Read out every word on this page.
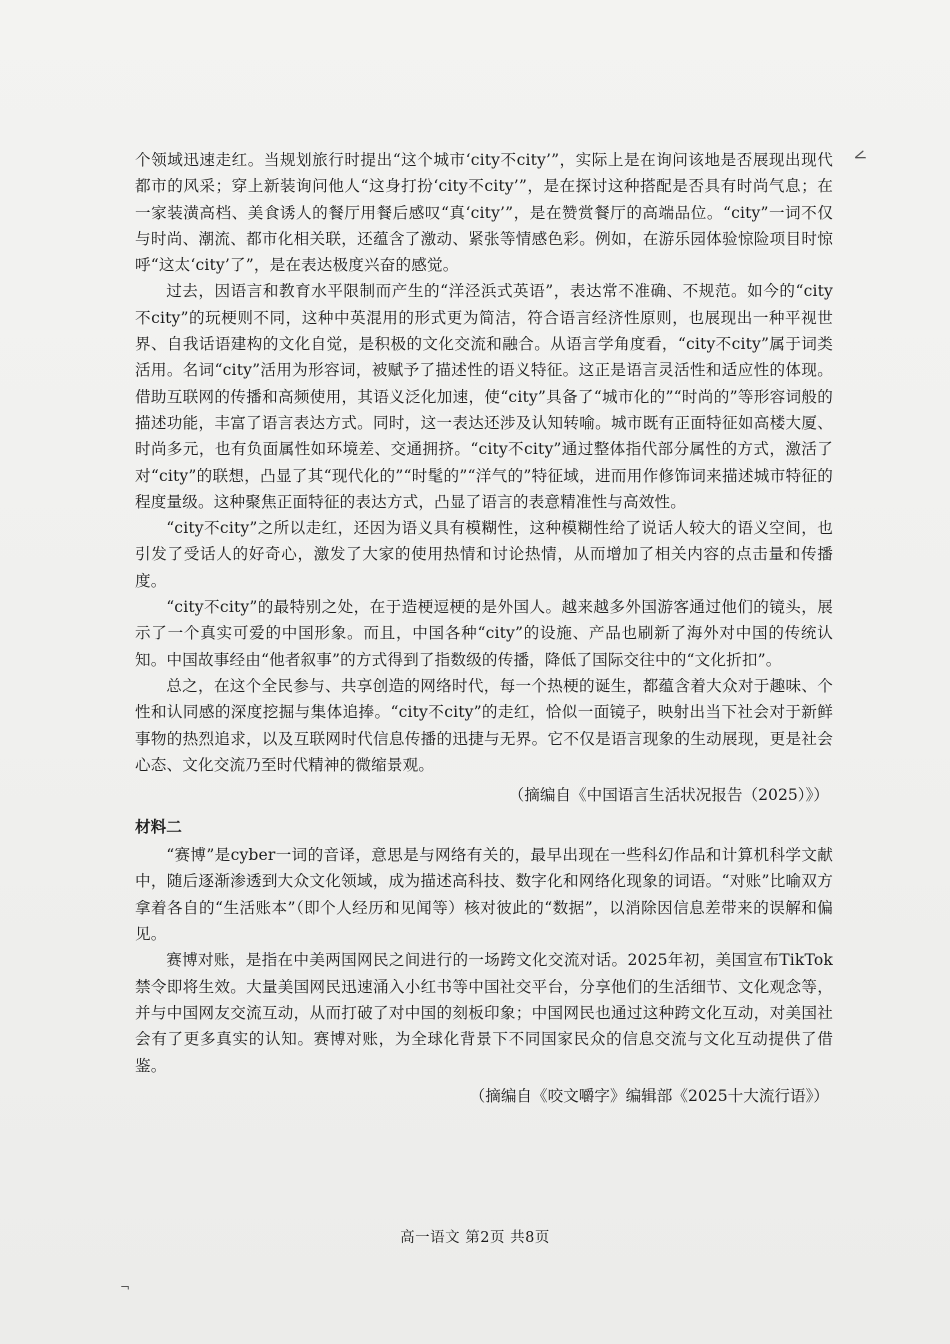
<

个领域迅速走红。当规划旅行时提出“这个城市‘city不city’”，实际上是在询问该地是否展现出现代都市的风采；穿上新装询问他人“这身打扮‘city不city’”，是在探讨这种搭配是否具有时尚气息；在一家装潢高档、美食诱人的餐厅用餐后感叹“真‘city’”，是在赞赏餐厅的高端品位。“city”一词不仅与时尚、潮流、都市化相关联，还蕴含了激动、紧张等情感色彩。例如，在游乐园体验惊险项目时惊呼“这太‘city’了”，是在表达极度兴奋的感觉。

过去，因语言和教育水平限制而产生的“洋泾浜式英语”，表达常不准确、不规范。如今的“city不city”的玩梗则不同，这种中英混用的形式更为简洁，符合语言经济性原则，也展现出一种平视世界、自我话语建构的文化自觉，是积极的文化交流和融合。从语言学角度看，“city不city”属于词类活用。名词“city”活用为形容词，被赋予了描述性的语义特征。这正是语言灵活性和适应性的体现。借助互联网的传播和高频使用，其语义泛化加速，使“city”具备了“城市化的”“时尚的”等形容词般的描述功能，丰富了语言表达方式。同时，这一表达还涉及认知转喻。城市既有正面特征如高楼大厦、时尚多元，也有负面属性如环境差、交通拥挤。“city不city”通过整体指代部分属性的方式，激活了对“city”的联想，凸显了其“现代化的”“时髦的”“洋气的”特征域，进而用作修饰词来描述城市特征的程度量级。这种聚焦正面特征的表达方式，凸显了语言的表意精准性与高效性。

“city不city”之所以走红，还因为语义具有模糊性，这种模糊性给了说话人较大的语义空间，也引发了受话人的好奇心，激发了大家的使用热情和讨论热情，从而增加了相关内容的点击量和传播度。

“city不city”的最特别之处，在于造梗逗梗的是外国人。越来越多外国游客通过他们的镜头，展示了一个真实可爱的中国形象。而且，中国各种“city”的设施、产品也刷新了海外对中国的传统认知。中国故事经由“他者叙事”的方式得到了指数级的传播，降低了国际交往中的“文化折扣”。

总之，在这个全民参与、共享创造的网络时代，每一个热梗的诞生，都蕴含着大众对于趣味、个性和认同感的深度挖掘与集体追捧。“city不city”的走红，恰似一面镜子，映射出当下社会对于新鲜事物的热烈追求，以及互联网时代信息传播的迅捷与无界。它不仅是语言现象的生动展现，更是社会心态、文化交流乃至时代精神的微缩景观。

（摘编自《中国语言生活状况报告（2025）》）
材料二

“赛博”是cyber一词的音译，意思是与网络有关的，最早出现在一些科幻作品和计算机科学文献中，随后逐渐渗透到大众文化领域，成为描述高科技、数字化和网络化现象的词语。“对账”比喻双方拿着各自的“生活账本”（即个人经历和见闻等）核对彼此的“数据”，以消除因信息差带来的误解和偏见。

赛博对账，是指在中美两国网民之间进行的一场跨文化交流对话。2025年初，美国宣布TikTok禁令即将生效。大量美国网民迅速涌入小红书等中国社交平台，分享他们的生活细节、文化观念等，并与中国网友交流互动，从而打破了对中国的刻板印象；中国网民也通过这种跨文化互动，对美国社会有了更多真实的认知。赛博对账，为全球化背景下不同国家民众的信息交流与文化互动提供了借鉴。

（摘编自《咬文嚼字》编辑部《2025十大流行语》）
高一语文 第2页 共8页
¬
